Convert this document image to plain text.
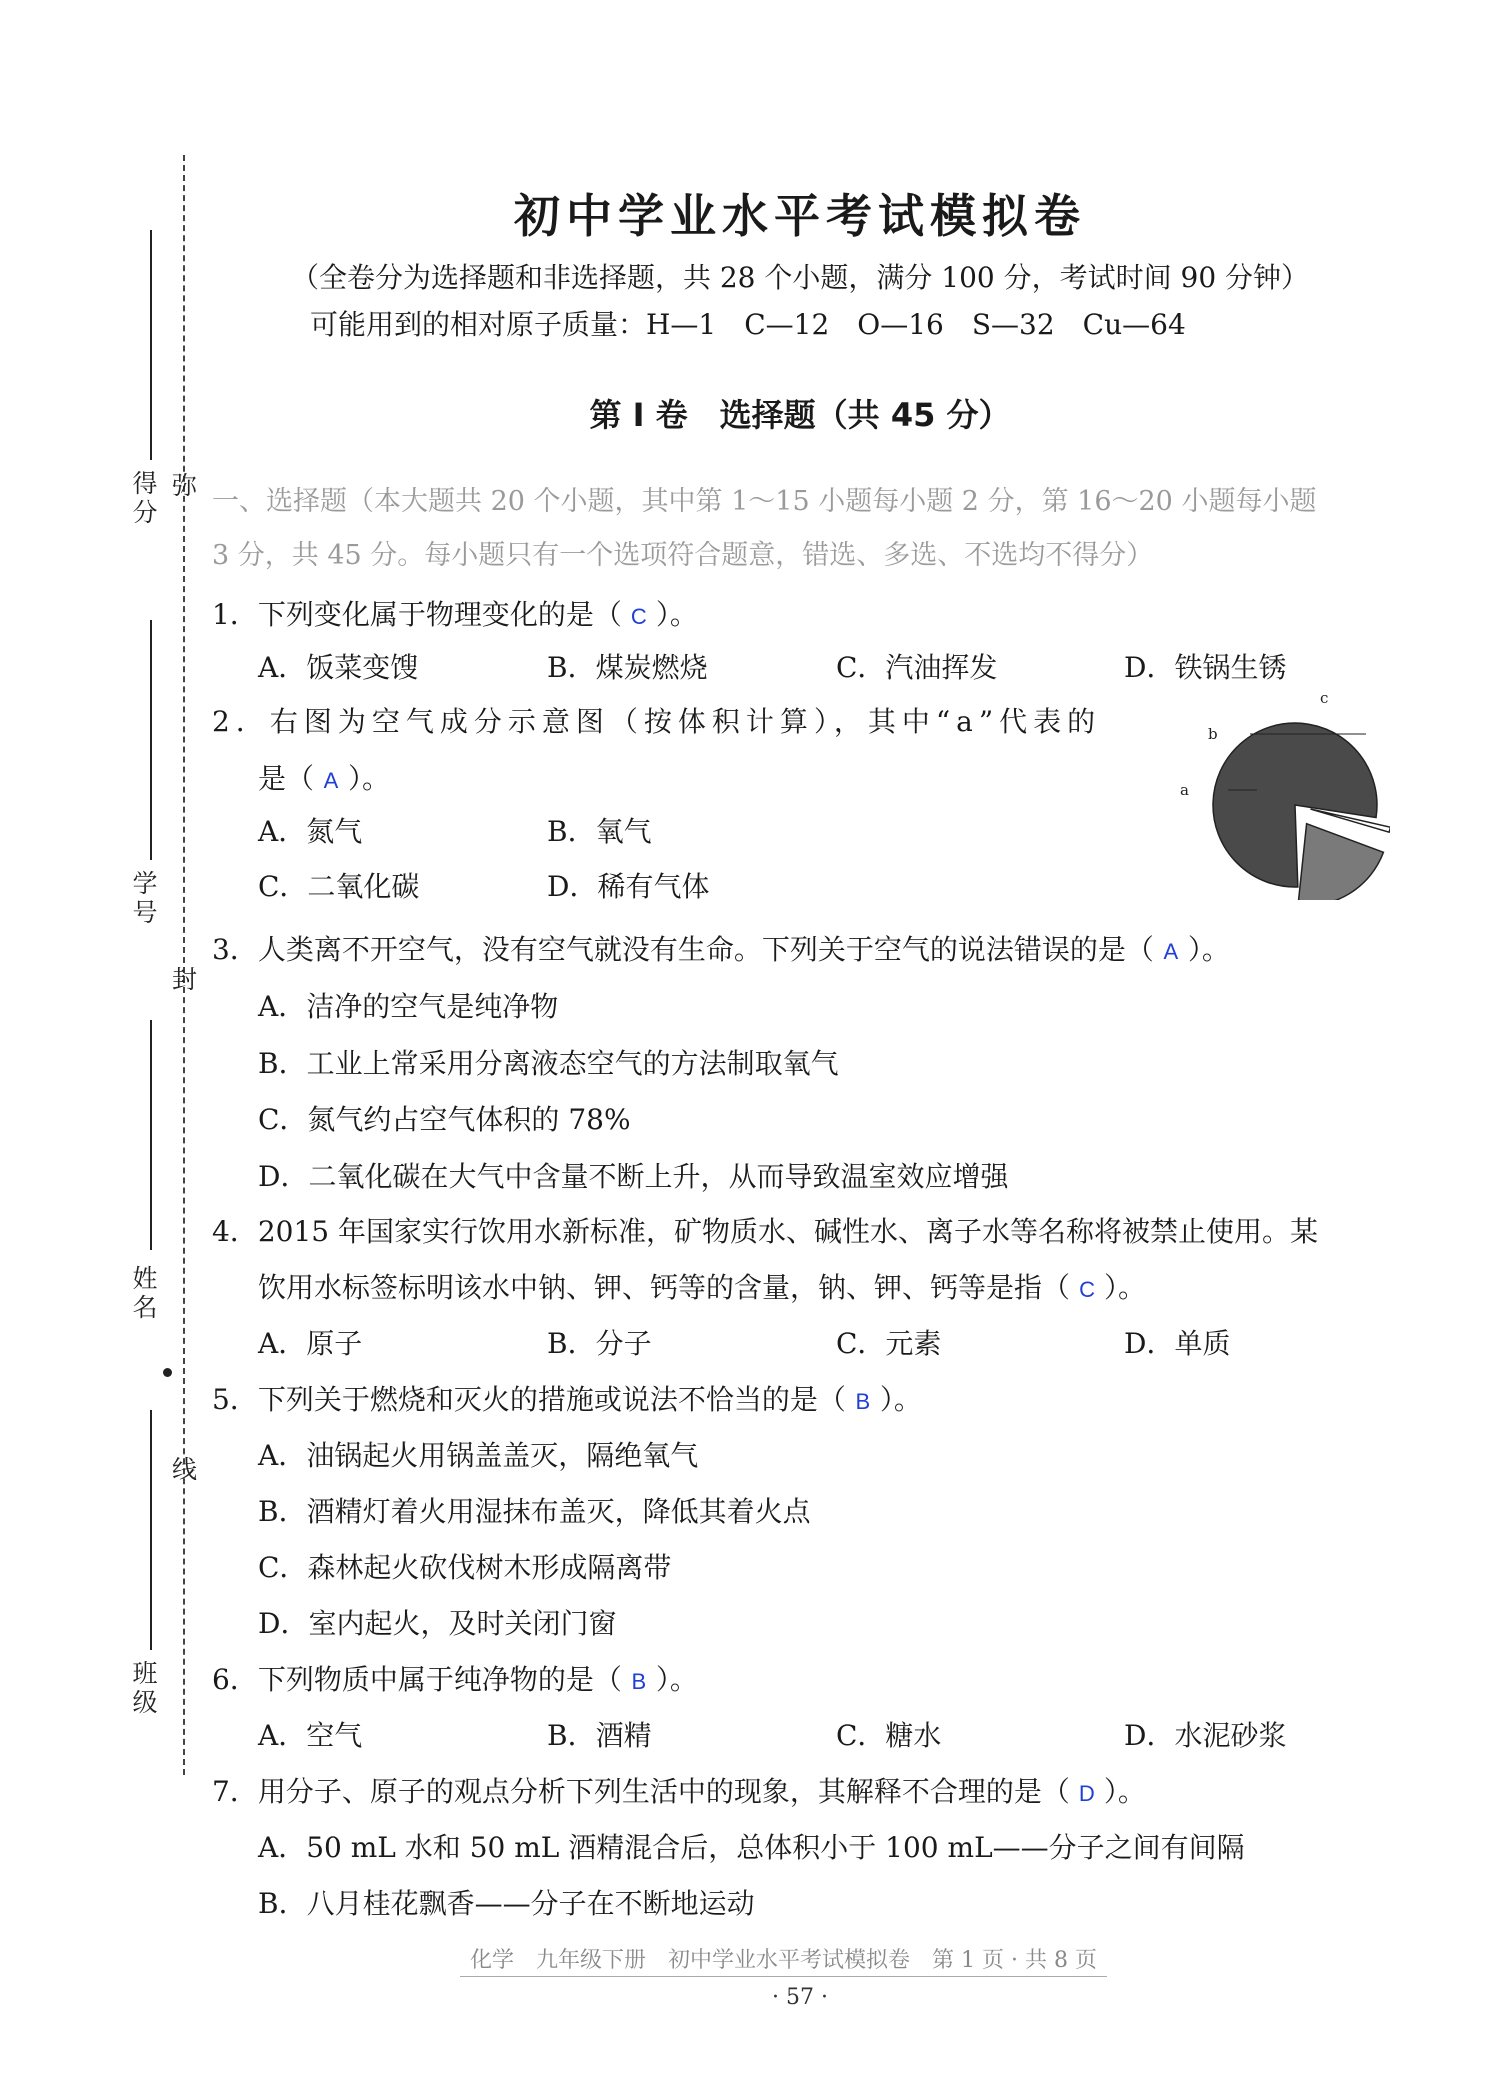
得分
学号
姓名
班级
弥
封
线
初中学业水平考试模拟卷
（全卷分为选择题和非选择题，共 28 个小题，满分 100 分，考试时间 90 分钟）
可能用到的相对原子质量：H—1　C—12　O—16　S—32　Cu—64
第 I 卷　选择题（共 45 分）
一、选择题（本大题共 20 个小题，其中第 1～15 小题每小题 2 分，第 16～20 小题每小题
3 分，共 45 分。每小题只有一个选项符合题意，错选、多选、不选均不得分）
1．下列变化属于物理变化的是（ C ）。
A．饭菜变馊	B．煤炭燃烧	C．汽油挥发	D．铁锅生锈
2．右图为空气成分示意图（按体积计算），其中“a”代表的
是（ A ）。
A．氮气	B．氧气
C．二氧化碳	D．稀有气体
a
b
c
3．人类离不开空气，没有空气就没有生命。下列关于空气的说法错误的是（ A ）。
A．洁净的空气是纯净物
B．工业上常采用分离液态空气的方法制取氧气
C．氮气约占空气体积的 78%
D．二氧化碳在大气中含量不断上升，从而导致温室效应增强
4．2015 年国家实行饮用水新标准，矿物质水、碱性水、离子水等名称将被禁止使用。某
饮用水标签标明该水中钠、钾、钙等的含量，钠、钾、钙等是指（ C ）。
A．原子	B．分子	C．元素	D．单质
5．下列关于燃烧和灭火的措施或说法不恰当的是（ B ）。
A．油锅起火用锅盖盖灭，隔绝氧气
B．酒精灯着火用湿抹布盖灭，降低其着火点
C．森林起火砍伐树木形成隔离带
D．室内起火，及时关闭门窗
6．下列物质中属于纯净物的是（ B ）。
A．空气	B．酒精	C．糖水	D．水泥砂浆
7．用分子、原子的观点分析下列生活中的现象，其解释不合理的是（ D ）。
A．50 mL 水和 50 mL 酒精混合后，总体积小于 100 mL——分子之间有间隔
B．八月桂花飘香——分子在不断地运动
化学　九年级下册　初中学业水平考试模拟卷　第 1 页 · 共 8 页
· 57 ·
